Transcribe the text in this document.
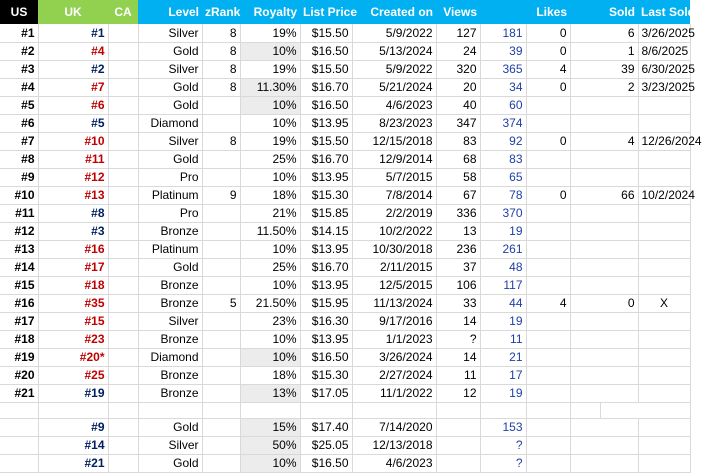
US	UK	CA	Level	zRank	Royalty	List Price	Created on	Views		Likes	Sold		Last Sold Date	
#1	#1		Silver	8	19%	$15.50	5/9/2022	127	181	0	6		3/26/2025	
#2	#4		Gold	8	10%	$16.50	5/13/2024	24	39	0	1		8/6/2025	
#3	#2		Silver	8	19%	$15.50	5/9/2022	320	365	4	39		6/30/2025	
#4	#7		Gold	8	11.30%	$16.70	5/21/2024	20	34	0	2		3/23/2025	
#5	#6		Gold		10%	$16.50	4/6/2023	40	60					
#6	#5		Diamond		10%	$13.95	8/23/2023	347	374					
#7	#10		Silver	8	19%	$15.50	12/15/2018	83	92	0	4		12/26/2024	
#8	#11		Gold		25%	$16.70	12/9/2014	68	83					
#9	#12		Pro		10%	$13.95	5/7/2015	58	65					
#10	#13		Platinum	9	18%	$15.30	7/8/2014	67	78	0	66		10/2/2024	
#11	#8		Pro		21%	$15.85	2/2/2019	336	370					
#12	#3		Bronze		11.50%	$14.15	10/2/2022	13	19					
#13	#16		Platinum		10%	$13.95	10/30/2018	236	261					
#14	#17		Gold		25%	$16.70	2/11/2015	37	48					
#15	#18		Bronze		10%	$13.95	12/5/2015	106	117					
#16	#35		Bronze	5	21.50%	$15.95	11/13/2024	33	44	4	0		X	
#17	#15		Silver		23%	$16.30	9/17/2016	14	19					
#18	#23		Bronze		10%	$13.95	1/1/2023	?	11					
#19	#20*		Diamond		10%	$16.50	3/26/2024	14	21					
#20	#25		Bronze		18%	$15.30	2/27/2024	11	17					
#21	#19		Bronze		13%	$17.05	11/1/2022	12	19					

	#9		Gold		15%	$17.40	7/14/2020		153					
	#14		Silver		50%	$25.05	12/13/2018		?					
	#21		Gold		10%	$16.50	4/6/2023		?					
